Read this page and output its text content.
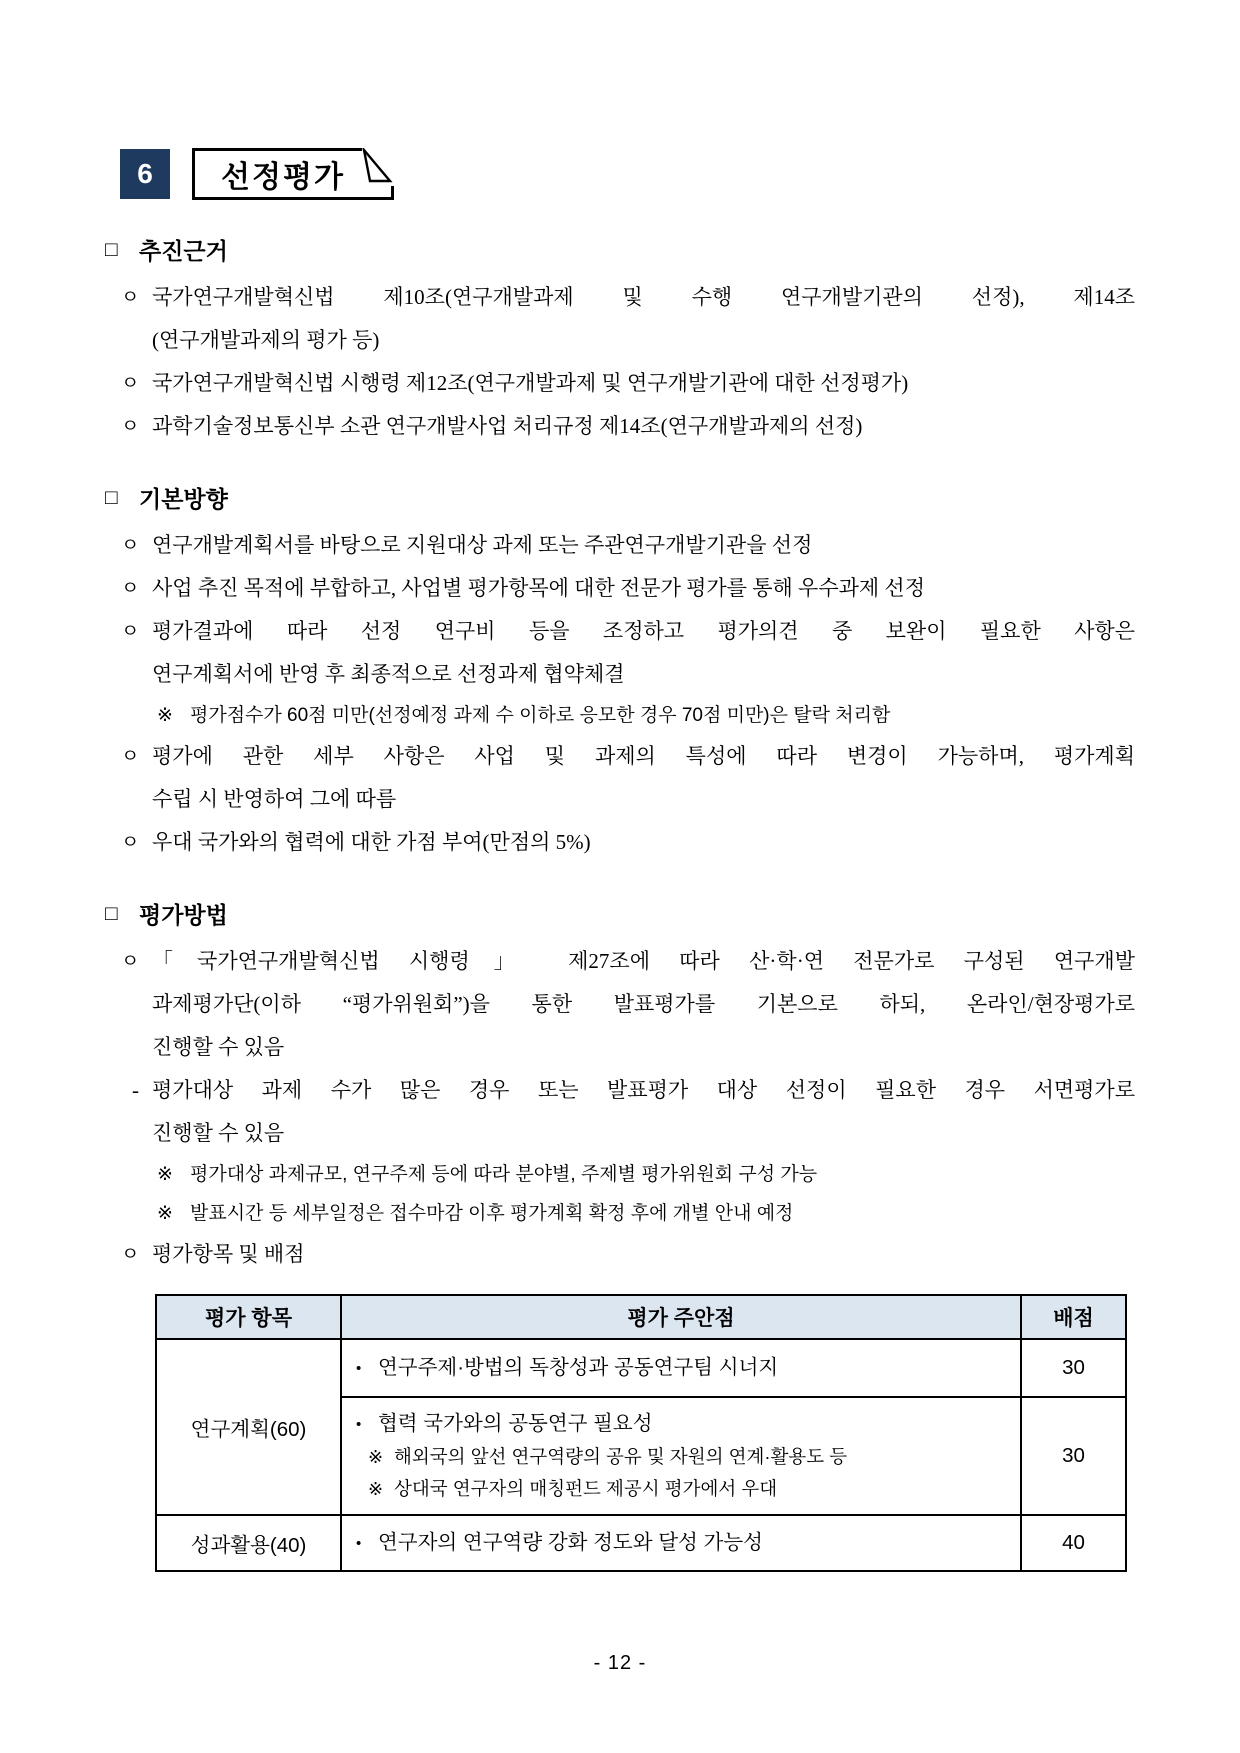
6	선정평가
□ 추진근거
ㅇ 국가연구개발혁신법 제10조(연구개발과제 및 수행 연구개발기관의 선정), 제14조
(연구개발과제의 평가 등)
ㅇ 국가연구개발혁신법 시행령 제12조(연구개발과제 및 연구개발기관에 대한 선정평가)
ㅇ 과학기술정보통신부 소관 연구개발사업 처리규정 제14조(연구개발과제의 선정)
□ 기본방향
ㅇ 연구개발계획서를 바탕으로 지원대상 과제 또는 주관연구개발기관을 선정
ㅇ 사업 추진 목적에 부합하고, 사업별 평가항목에 대한 전문가 평가를 통해 우수과제 선정
ㅇ 평가결과에 따라 선정 연구비 등을 조정하고 평가의견 중 보완이 필요한 사항은
연구계획서에 반영 후 최종적으로 선정과제 협약체결
※ 평가점수가 60점 미만(선정예정 과제 수 이하로 응모한 경우 70점 미만)은 탈락 처리함
ㅇ 평가에 관한 세부 사항은 사업 및 과제의 특성에 따라 변경이 가능하며, 평가계획
수립 시 반영하여 그에 따름
ㅇ 우대 국가와의 협력에 대한 가점 부여(만점의 5%)
□ 평가방법
ㅇ 「국가연구개발혁신법 시행령」 제27조에 따라 산·학·연 전문가로 구성된 연구개발
과제평가단(이하 “평가위원회”)을 통한 발표평가를 기본으로 하되, 온라인/현장평가로
진행할 수 있음
- 평가대상 과제 수가 많은 경우 또는 발표평가 대상 선정이 필요한 경우 서면평가로
진행할 수 있음
※ 평가대상 과제규모, 연구주제 등에 따라 분야별, 주제별 평가위원회 구성 가능
※ 발표시간 등 세부일정은 접수마감 이후 평가계획 확정 후에 개별 안내 예정
ㅇ 평가항목 및 배점
평가 항목	평가 주안점	배점
연구계획(60)	• 연구주제·방법의 독창성과 공동연구팀 시너지	30

	• 협력 국가와의 공동연구 필요성
※ 해외국의 앞선 연구역량의 공유 및 자원의 연계·활용도 등
※ 상대국 연구자의 매칭펀드 제공시 평가에서 우대	30
성과활용(40)	• 연구자의 연구역량 강화 정도와 달성 가능성	40
- 12 -
